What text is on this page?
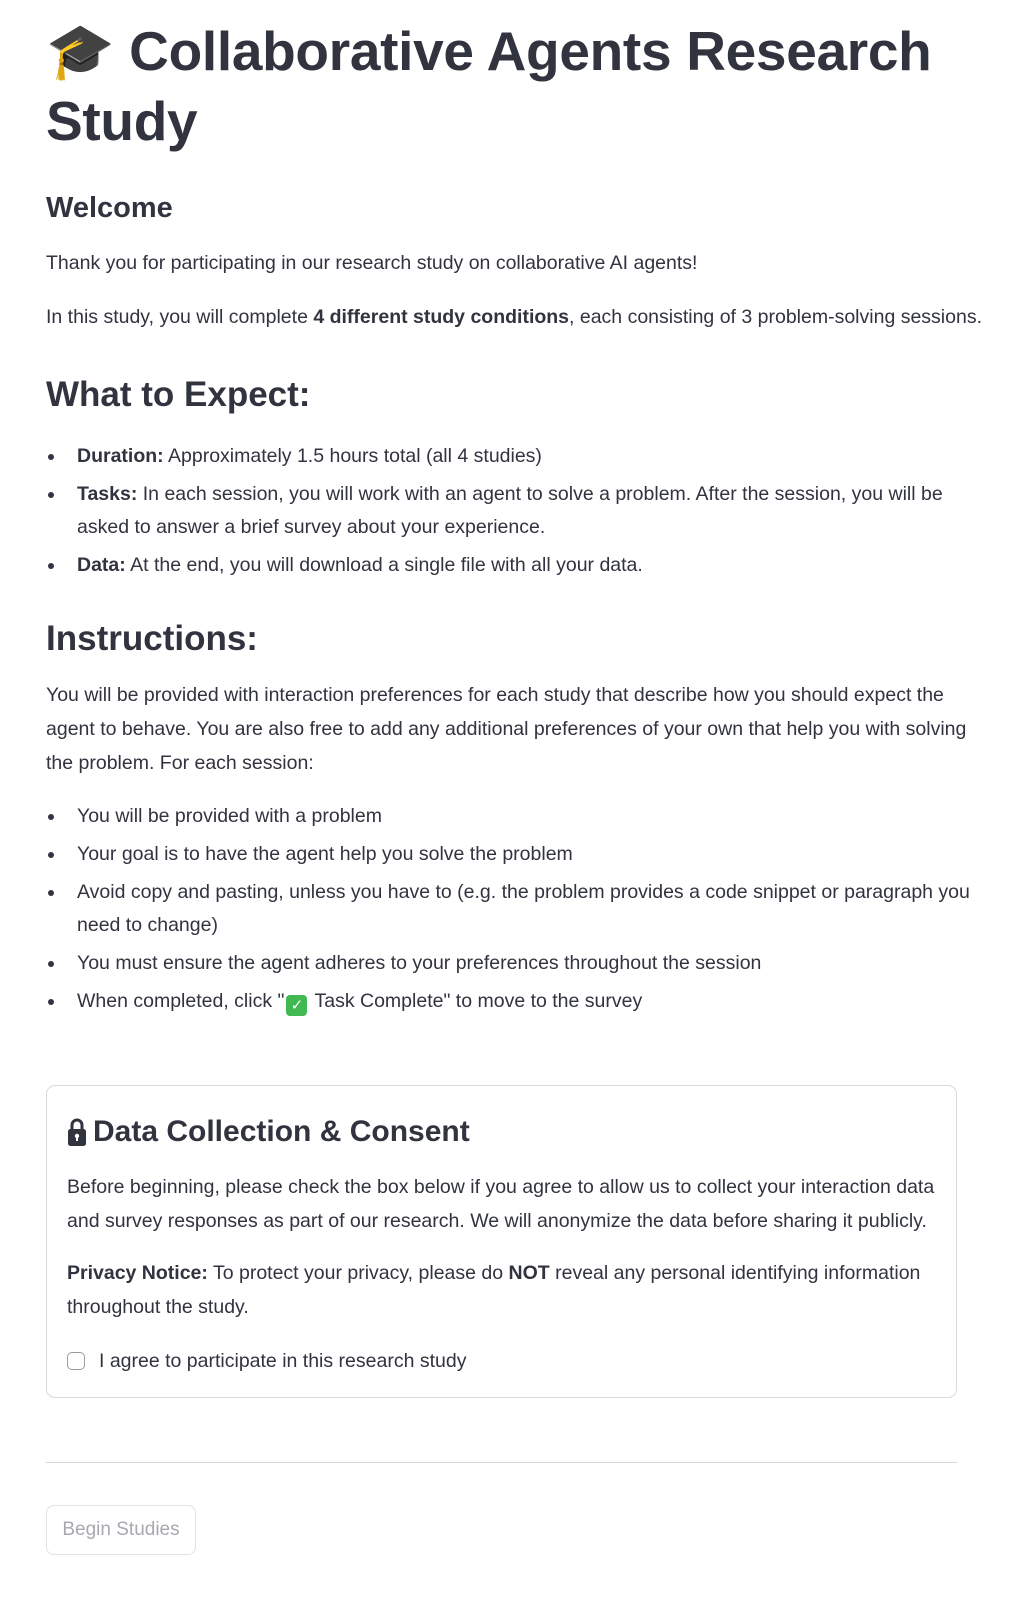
🎓 Collaborative Agents Research Study
Welcome

Thank you for participating in our research study on collaborative AI agents!

In this study, you will complete 4 different study conditions, each consisting of 3 problem-solving sessions.

What to Expect:
Duration: Approximately 1.5 hours total (all 4 studies)
Tasks: In each session, you will work with an agent to solve a problem. After the session, you will be asked to answer a brief survey about your experience.
Data: At the end, you will download a single file with all your data.
Instructions:

You will be provided with interaction preferences for each study that describe how you should expect the agent to behave. You are also free to add any additional preferences of your own that help you with solving the problem. For each session:

You will be provided with a problem
Your goal is to have the agent help you solve the problem
Avoid copy and pasting, unless you have to (e.g. the problem provides a code snippet or paragraph you need to change)
You must ensure the agent adheres to your preferences throughout the session
When completed, click " ✓ Task Complete" to move to the survey
Data Collection & Consent

Before beginning, please check the box below if you agree to allow us to collect your interaction data and survey responses as part of our research. We will anonymize the data before sharing it publicly.

Privacy Notice: To protect your privacy, please do NOT reveal any personal identifying information throughout the study.

I agree to participate in this research study
Begin Studies
